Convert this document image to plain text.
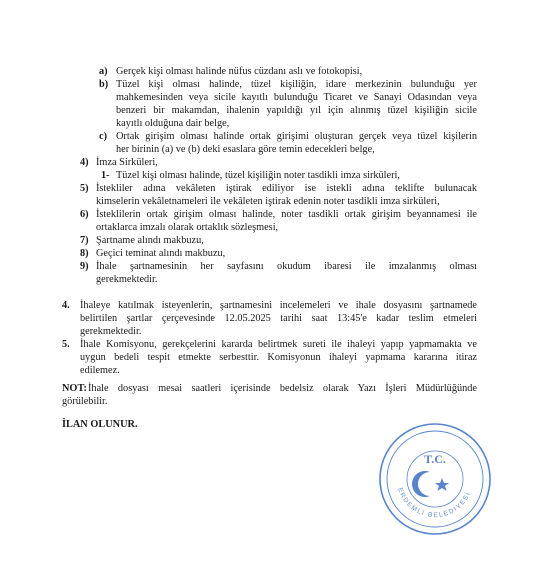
a) Gerçek kişi olması halinde nüfus cüzdanı aslı ve fotokopisi,
b) Tüzel kişi olması halinde, tüzel kişiliğin, idare merkezinin bulunduğu yer
mahkemesinden veya sicile kayıtlı bulunduğu Ticaret ve Sanayi Odasından veya
benzeri bir makamdan, ihalenin yapıldığı yıl için alınmış tüzel kişiliğin sicile
kayıtlı olduğuna dair belge,
c) Ortak girişim olması halinde ortak girişimi oluşturan gerçek veya tüzel kişilerin
her birinin (a) ve (b) deki esaslara göre temin edecekleri belge,
4) İmza Sirküleri,
1- Tüzel kişi olması halinde, tüzel kişiliğin noter tasdikli imza sirküleri,
5) İstekliler adına vekâleten iştirak ediliyor ise istekli adına teklifte bulunacak
kimselerin vekâletnameleri ile vekâleten iştirak edenin noter tasdikli imza sirküleri,
6) İsteklilerin ortak girişim olması halinde, noter tasdikli ortak girişim beyannamesi ile
ortaklarca imzalı olarak ortaklık sözleşmesi,
7) Şartname alındı makbuzu,
8) Geçici teminat alındı makbuzu,
9) İhale şartnamesinin her sayfasını okudum ibaresi ile imzalanmış olması
gerekmektedir.
4. İhaleye katılmak isteyenlerin, şartnamesini incelemeleri ve ihale dosyasını şartnamede
belirtilen şartlar çerçevesinde 12.05.2025 tarihi saat 13:45'e kadar teslim etmeleri
gerekmektedir.
5. İhale Komisyonu, gerekçelerini kararda belirtmek sureti ile ihaleyi yapıp yapmamakta ve
uygun bedeli tespit etmekte serbesttir. Komisyonun ihaleyi yapmama kararına itiraz
edilemez.
NOT: İhale dosyası mesai saatleri içerisinde bedelsiz olarak Yazı İşleri Müdürlüğünde
görülebilir.
İLAN OLUNUR.
T.C.
ERDEMLİ BELEDİYESİ
